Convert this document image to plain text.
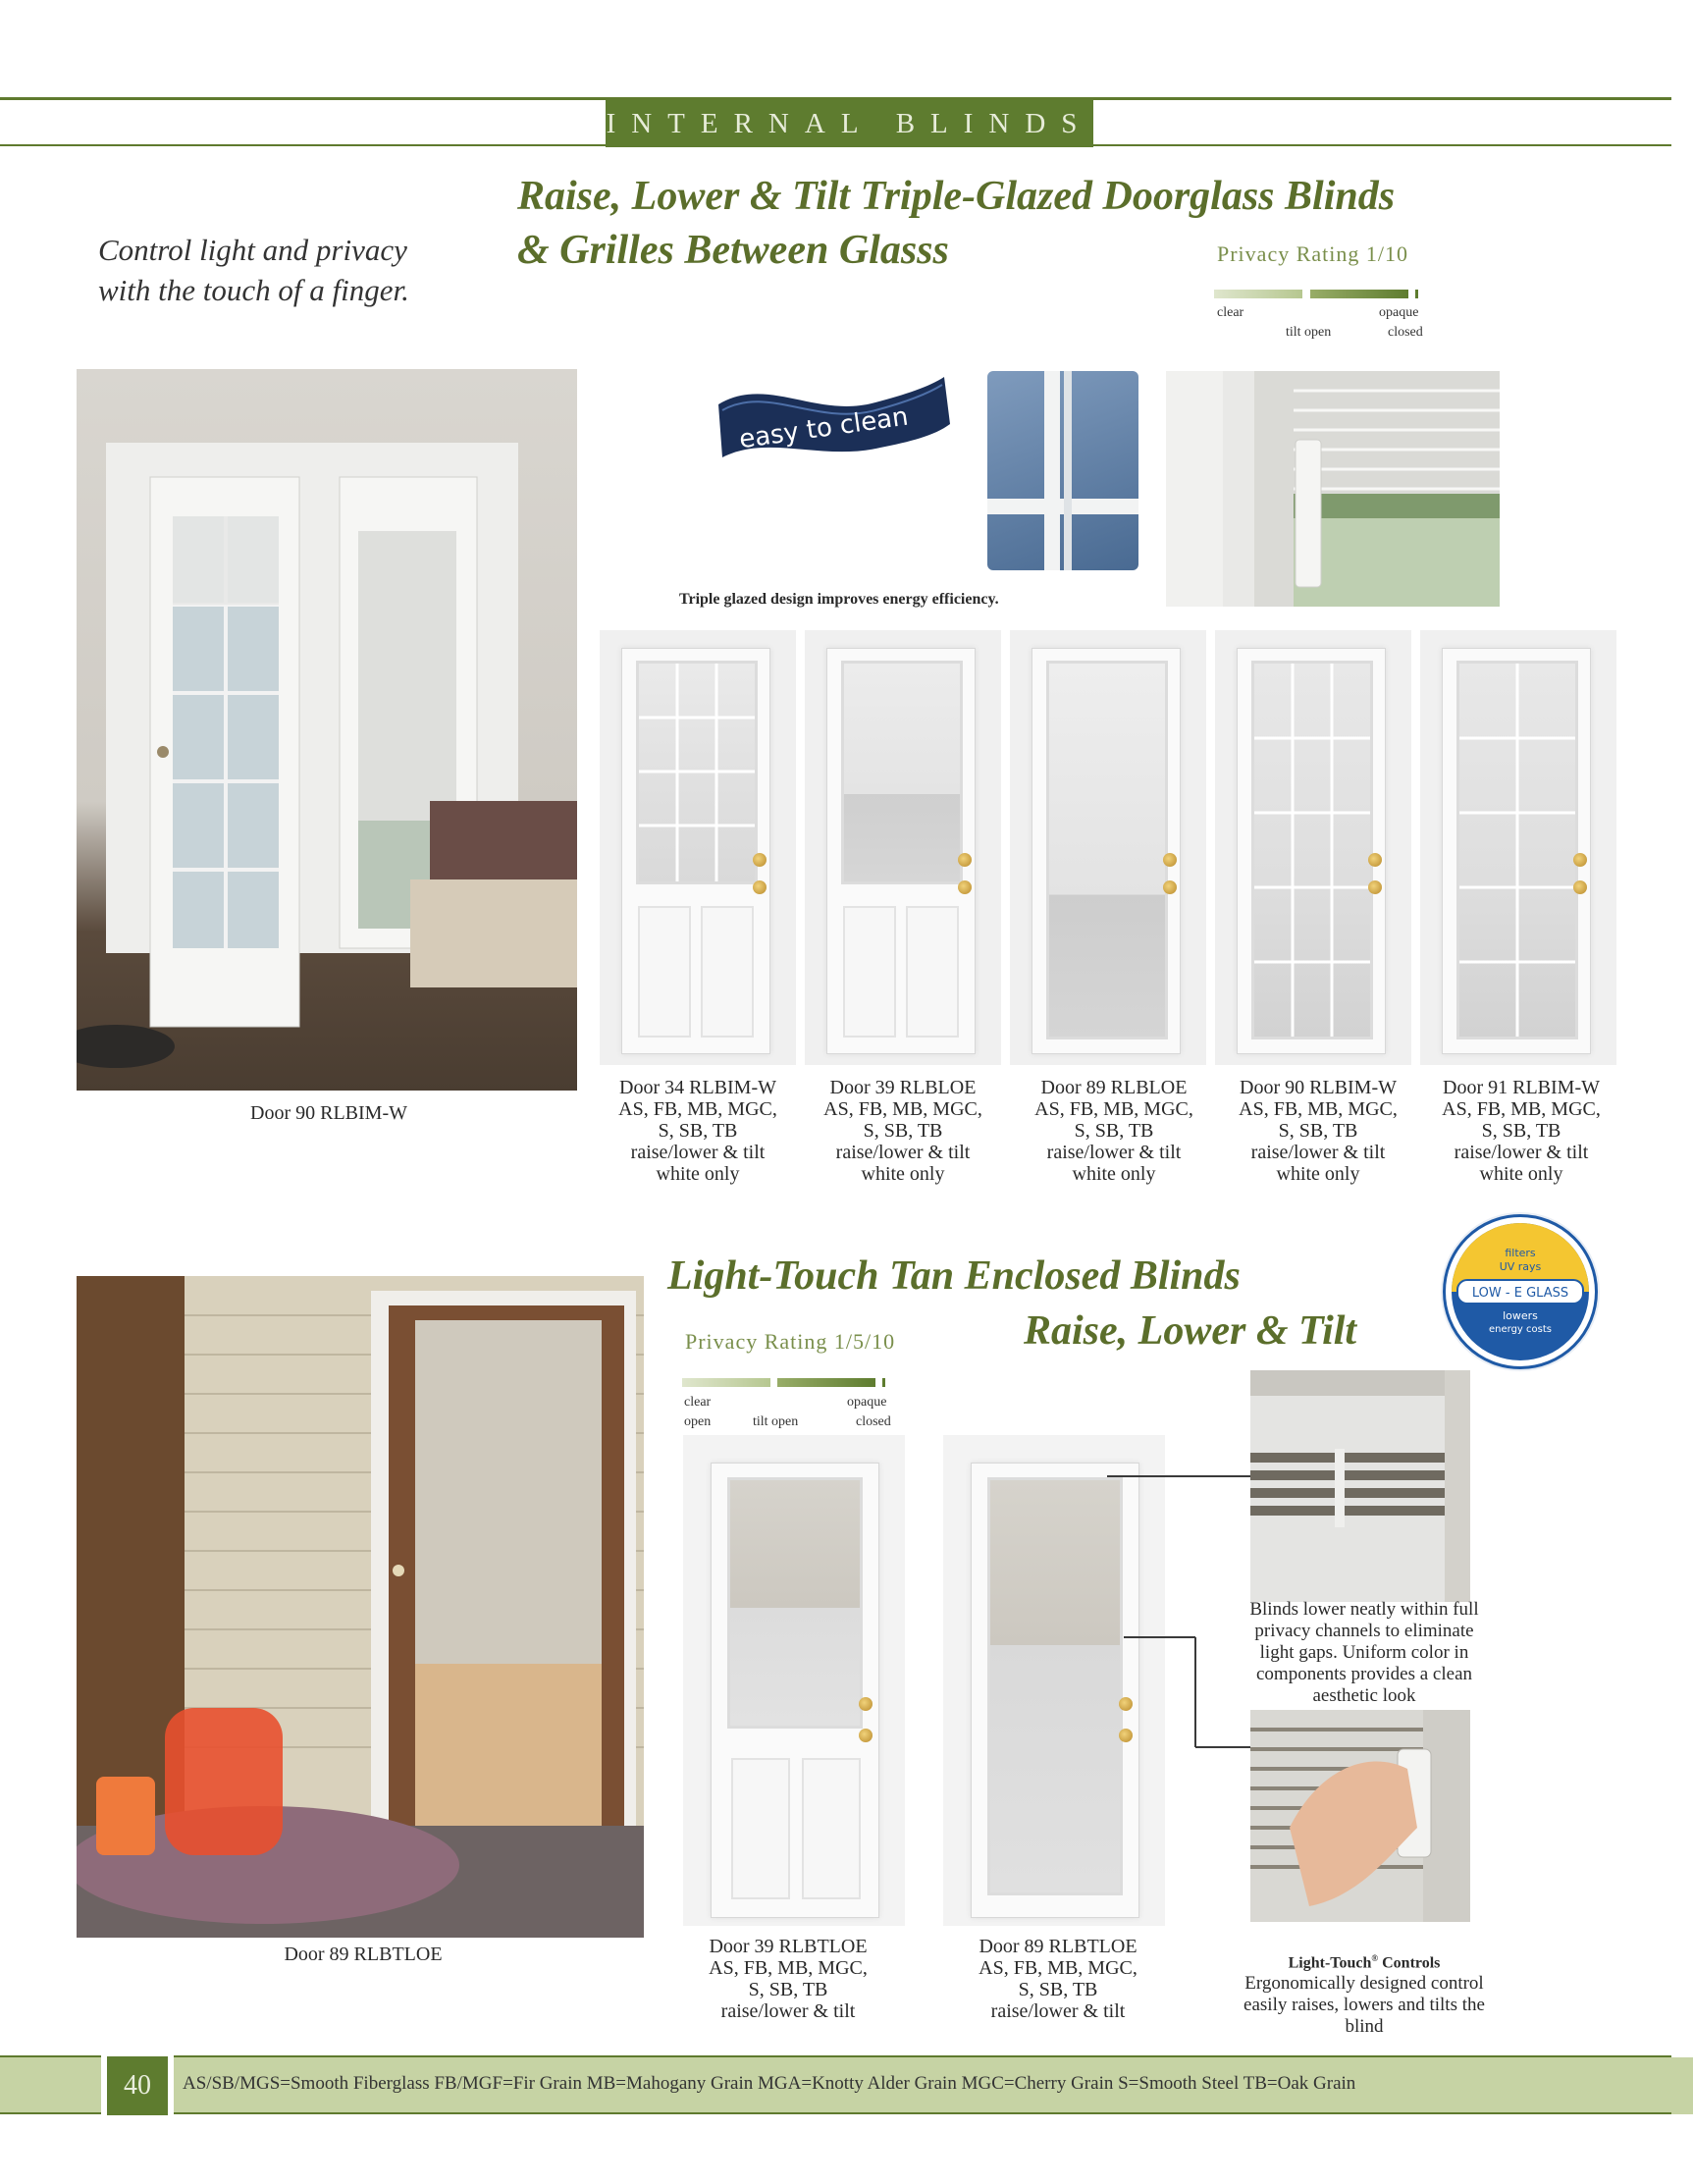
INTERNAL BLINDS
Control light and privacy
with the touch of a finger.
Raise, Lower & Tilt Triple-Glazed Doorglass Blinds
& Grilles Between Glasss	Privacy Rating 1/10
clear
tilt open
opaque
closed
Door 90 RLBIM-W
easy to clean
Triple glazed design improves energy efficiency.
Door 34 RLBIM-W
AS, FB, MB, MGC,
S, SB, TB
raise/lower & tilt
white only
Door 39 RLBLOE
AS, FB, MB, MGC,
S, SB, TB
raise/lower & tilt
white only
Door 89 RLBLOE
AS, FB, MB, MGC,
S, SB, TB
raise/lower & tilt
white only
Door 90 RLBIM-W
AS, FB, MB, MGC,
S, SB, TB
raise/lower & tilt
white only
Door 91 RLBIM-W
AS, FB, MB, MGC,
S, SB, TB
raise/lower & tilt
white only
Light-Touch Tan Enclosed Blinds
Raise, Lower & Tilt
filters
UV rays
LOW - E GLASS
lowers
energy costs
Privacy Rating 1/5/10
clear
open	tilt open
opaque
closed
Door 89 RLBTLOE
Blinds lower neatly within full
privacy channels to eliminate
light gaps. Uniform color in
components provides a clean
aesthetic look
Light-Touch® Controls
Ergonomically designed control
easily raises, lowers and tilts the
blind
Door 39 RLBTLOE
AS, FB, MB, MGC,
S, SB, TB
raise/lower & tilt
Door 89 RLBTLOE
AS, FB, MB, MGC,
S, SB, TB
raise/lower & tilt
40	AS/SB/MGS=Smooth Fiberglass FB/MGF=Fir Grain MB=Mahogany Grain MGA=Knotty Alder Grain MGC=Cherry Grain S=Smooth Steel TB=Oak Grain
